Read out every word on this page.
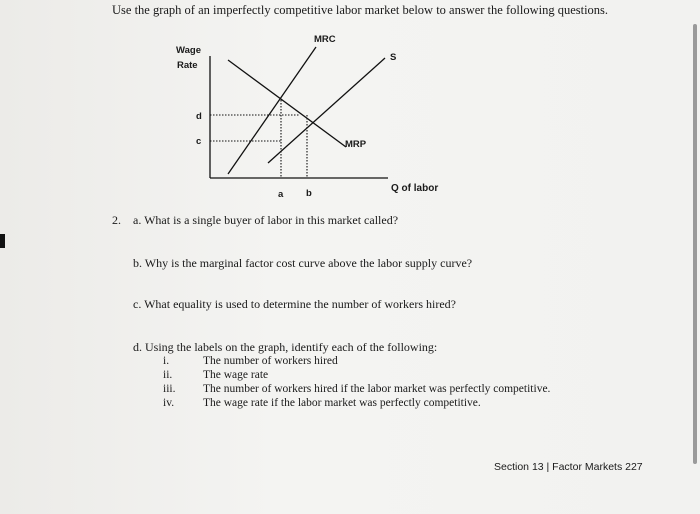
Use the graph of an imperfectly competitive labor market below to answer the following questions.
Wage
Rate
MRC
S
MRP
d
c
a b	Q of labor
2. a. What is a single buyer of labor in this market called?
b. Why is the marginal factor cost curve above the labor supply curve?
c. What equality is used to determine the number of workers hired?
d. Using the labels on the graph, identify each of the following:
i.	The number of workers hired
ii.	The wage rate
iii. The number of workers hired if the labor market was perfectly competitive.
iv.	The wage rate if the labor market was perfectly competitive.
Section 13 | Factor Markets 227
